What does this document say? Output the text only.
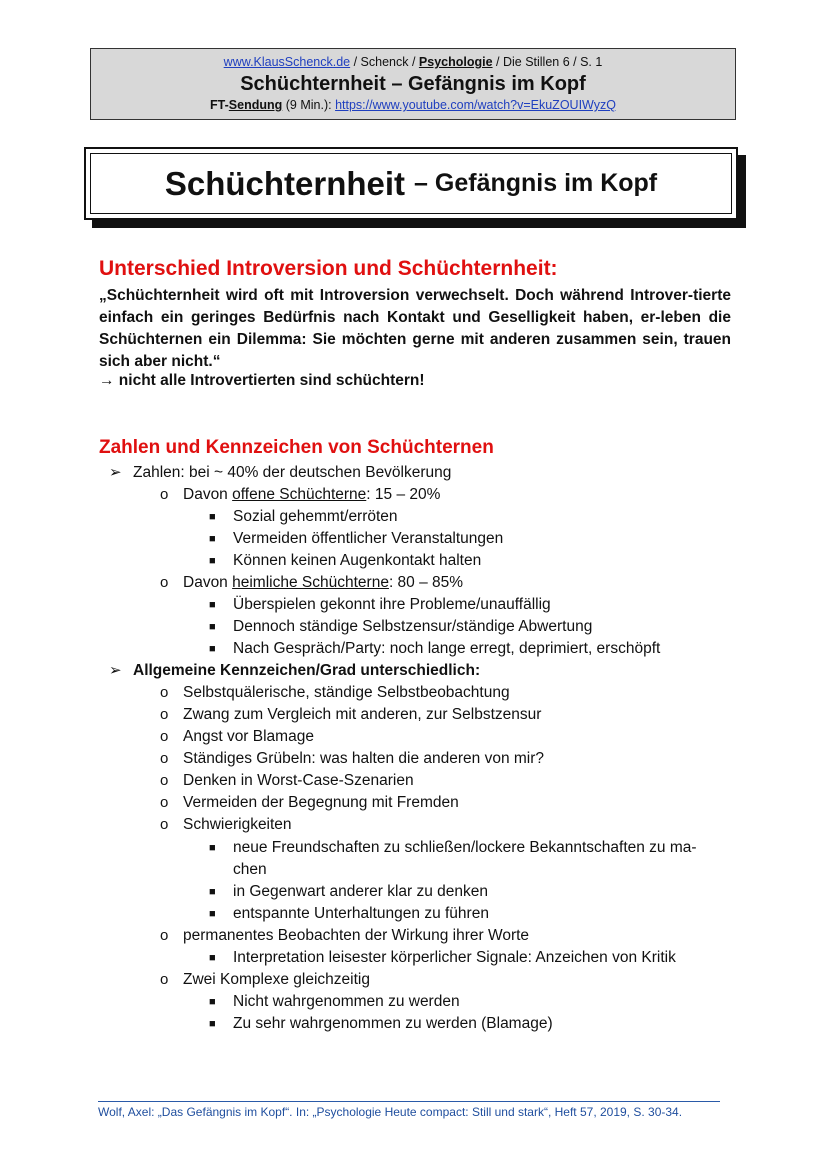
www.KlausSchenck.de / Schenck / Psychologie / Die Stillen 6 / S. 1
Schüchternheit – Gefängnis im Kopf
FT-Sendung (9 Min.): https://www.youtube.com/watch?v=EkuZOUIWyzQ
Schüchternheit – Gefängnis im Kopf
Unterschied Introversion und Schüchternheit:
„Schüchternheit wird oft mit Introversion verwechselt. Doch während Introver-tierte einfach ein geringes Bedürfnis nach Kontakt und Geselligkeit haben, er-leben die Schüchternen ein Dilemma: Sie möchten gerne mit anderen zusammen sein, trauen sich aber nicht.“
→ nicht alle Introvertierten sind schüchtern!
Zahlen und Kennzeichen von Schüchternen
➢ Zahlen: bei ~ 40% der deutschen Bevölkerung
o Davon offene Schüchterne: 15 – 20%
■ Sozial gehemmt/erröten
■ Vermeiden öffentlicher Veranstaltungen
■ Können keinen Augenkontakt halten
o Davon heimliche Schüchterne: 80 – 85%
■ Überspielen gekonnt ihre Probleme/unauffällig
■ Dennoch ständige Selbstzensur/ständige Abwertung
■ Nach Gespräch/Party: noch lange erregt, deprimiert, erschöpft
➢ Allgemeine Kennzeichen/Grad unterschiedlich:
o Selbstquälerische, ständige Selbstbeobachtung
o Zwang zum Vergleich mit anderen, zur Selbstzensur
o Angst vor Blamage
o Ständiges Grübeln: was halten die anderen von mir?
o Denken in Worst-Case-Szenarien
o Vermeiden der Begegnung mit Fremden
o Schwierigkeiten
■ neue Freundschaften zu schließen/lockere Bekanntschaften zu ma-
chen
■ in Gegenwart anderer klar zu denken
■ entspannte Unterhaltungen zu führen
o permanentes Beobachten der Wirkung ihrer Worte
■ Interpretation leisester körperlicher Signale: Anzeichen von Kritik
o Zwei Komplexe gleichzeitig
■ Nicht wahrgenommen zu werden
■ Zu sehr wahrgenommen zu werden (Blamage)
Wolf, Axel: „Das Gefängnis im Kopf“. In: „Psychologie Heute compact: Still und stark“, Heft 57, 2019, S. 30-34.
